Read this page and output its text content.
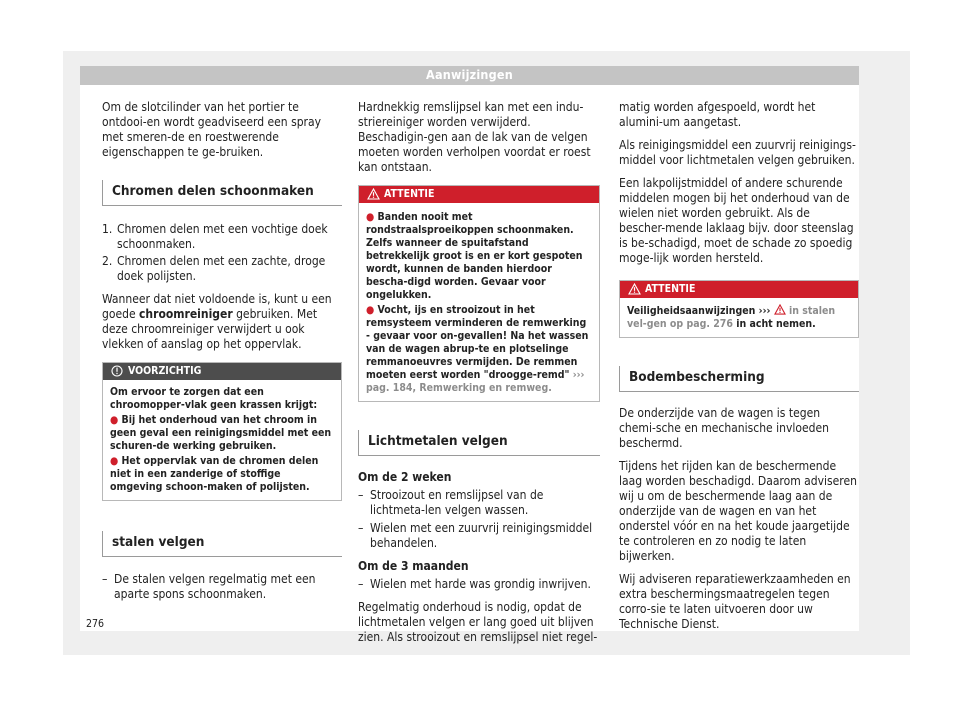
Aanwijzingen

Om de slotcilinder van het portier te ontdooi-en wordt geadviseerd een spray met smeren-de en roestwerende eigenschappen te ge-bruiken.

Chromen delen schoonmaken
1. Chromen delen met een vochtige doek schoonmaken.
2. Chromen delen met een zachte, droge doek polijsten.

Wanneer dat niet voldoende is, kunt u een goede chroomreiniger gebruiken. Met deze chroomreiniger verwijdert u ook vlekken of aanslag op het oppervlak.

VOORZICHTIG
Om ervoor te zorgen dat een chroomopper-vlak geen krassen krijgt:
● Bij het onderhoud van het chroom in geen geval een reinigingsmiddel met een schuren-de werking gebruiken.
● Het oppervlak van de chromen delen niet in een zanderige of stoffige omgeving schoon-maken of polijsten.
stalen velgen
– De stalen velgen regelmatig met een aparte spons schoonmaken.

Hardnekkig remslijpsel kan met een indu-striereiniger worden verwijderd. Beschadigin-gen aan de lak van de velgen moeten worden verholpen voordat er roest kan ontstaan.

ATTENTIE
● Banden nooit met rondstraalsproeikoppen schoonmaken. Zelfs wanneer de spuitafstand betrekkelijk groot is en er kort gespoten wordt, kunnen de banden hierdoor bescha-digd worden. Gevaar voor ongelukken.
● Vocht, ijs en strooizout in het remsysteem verminderen de remwerking - gevaar voor on-gevallen! Na het wassen van de wagen abrup-te en plotselinge remmanoeuvres vermijden. De remmen moeten eerst worden "droogge-remd" ››› pag. 184, Remwerking en remweg.
Lichtmetalen velgen

Om de 2 weken

– Strooizout en remslijpsel van de lichtmeta-len velgen wassen.
– Wielen met een zuurvrij reinigingsmiddel behandelen.

Om de 3 maanden

– Wielen met harde was grondig inwrijven.

Regelmatig onderhoud is nodig, opdat de lichtmetalen velgen er lang goed uit blijven zien. Als strooizout en remslijpsel niet regel-

matig worden afgespoeld, wordt het alumini-um aangetast.

Als reinigingsmiddel een zuurvrij reinigings-middel voor lichtmetalen velgen gebruiken.

Een lakpolijstmiddel of andere schurende middelen mogen bij het onderhoud van de wielen niet worden gebruikt. Als de bescher-mende laklaag bijv. door steenslag is be-schadigd, moet de schade zo spoedig moge-lijk worden hersteld.

ATTENTIE
Veiligheidsaanwijzingen ›››  in stalen vel-gen op pag. 276 in acht nemen.
Bodembescherming

De onderzijde van de wagen is tegen chemi-sche en mechanische invloeden beschermd.

Tijdens het rijden kan de beschermende laag worden beschadigd. Daarom adviseren wij u om de beschermende laag aan de onderzijde van de wagen en van het onderstel vóór en na het koude jaargetijde te controleren en zo nodig te laten bijwerken.

Wij adviseren reparatiewerkzaamheden en extra beschermingsmaatregelen tegen corro-sie te laten uitvoeren door uw Technische Dienst.

276
